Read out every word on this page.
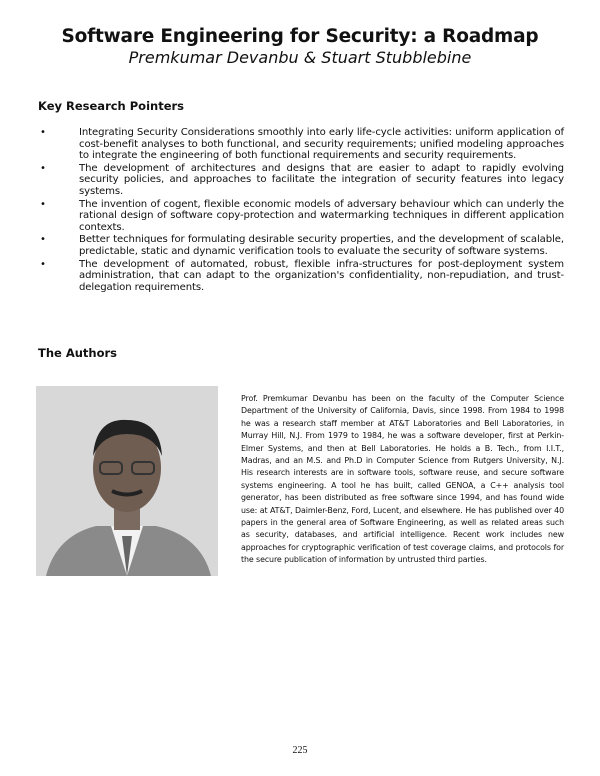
Software Engineering for Security: a Roadmap
Premkumar Devanbu & Stuart Stubblebine
Key Research Pointers
•	Integrating Security Considerations smoothly into early life-cycle activities: uniform application of cost-benefit analyses to both functional, and security requirements; unified modeling approaches to integrate the engineering of both functional requirements and security requirements.
•	The development of architectures and designs that are easier to adapt to rapidly evolving security policies, and approaches to facilitate the integration of security features into legacy systems.
•	The invention of cogent, flexible economic models of adversary behaviour which can underly the rational design of software copy-protection and watermarking techniques in different application contexts.
•	Better techniques for formulating desirable security properties, and the development of scalable, predictable, static and dynamic verification tools to evaluate the security of software systems.
•	The development of automated, robust, flexible infra-structures for post-deployment system administration, that can adapt to the organization's confidentiality, non-repudiation, and trust-delegation requirements.
The Authors
Prof. Premkumar Devanbu has been on the faculty of the Computer Science Department of the University of California, Davis, since 1998. From 1984 to 1998 he was a research staff member at AT&T Laboratories and Bell Laboratories, in Murray Hill, N.J. From 1979 to 1984, he was a software developer, first at Perkin-Elmer Systems, and then at Bell Laboratories. He holds a B. Tech., from I.I.T., Madras, and an M.S. and Ph.D in Computer Science from Rutgers University, N.J. His research interests are in software tools, software reuse, and secure software systems engineering. A tool he has built, called GENOA, a C++ analysis tool generator, has been distributed as free software since 1994, and has found wide use: at AT&T, Daimler-Benz, Ford, Lucent, and elsewhere. He has published over 40 papers in the general area of Software Engineering, as well as related areas such as security, databases, and artificial intelligence. Recent work includes new approaches for cryptographic verification of test coverage claims, and protocols for the secure publication of information by untrusted third parties.
225
